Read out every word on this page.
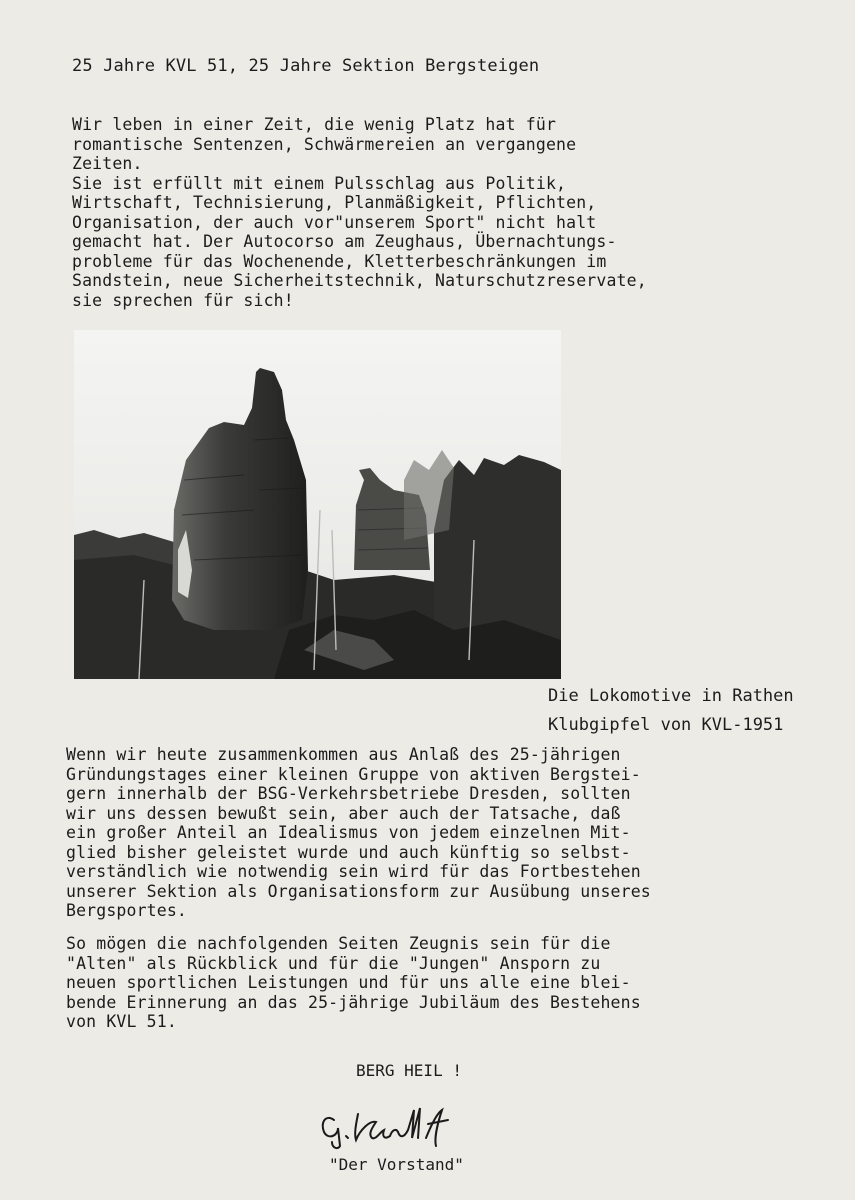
25 Jahre KVL 51, 25 Jahre Sektion Bergsteigen
Wir leben in einer Zeit, die wenig Platz hat für
romantische Sentenzen, Schwärmereien an vergangene
Zeiten.
Sie ist erfüllt mit einem Pulsschlag aus Politik,
Wirtschaft, Technisierung, Planmäßigkeit, Pflichten,
Organisation, der auch vor"unserem Sport" nicht halt
gemacht hat. Der Autocorso am Zeughaus, Übernachtungs-
probleme für das Wochenende, Kletterbeschränkungen im
Sandstein, neue Sicherheitstechnik, Naturschutzreservate,
sie sprechen für sich!
Die Lokomotive in Rathen
Klubgipfel von KVL-1951
Wenn wir heute zusammenkommen aus Anlaß des 25-jährigen
Gründungstages einer kleinen Gruppe von aktiven Bergstei-
gern innerhalb der BSG-Verkehrsbetriebe Dresden, sollten
wir uns dessen bewußt sein, aber auch der Tatsache, daß
ein großer Anteil an Idealismus von jedem einzelnen Mit-
glied bisher geleistet wurde und auch künftig so selbst-
verständlich wie notwendig sein wird für das Fortbestehen
unserer Sektion als Organisationsform zur Ausübung unseres
Bergsportes.
So mögen die nachfolgenden Seiten Zeugnis sein für die
"Alten" als Rückblick und für die "Jungen" Ansporn zu
neuen sportlichen Leistungen und für uns alle eine blei-
bende Erinnerung an das 25-jährige Jubiläum des Bestehens
von KVL 51.
BERG HEIL !
"Der Vorstand"
